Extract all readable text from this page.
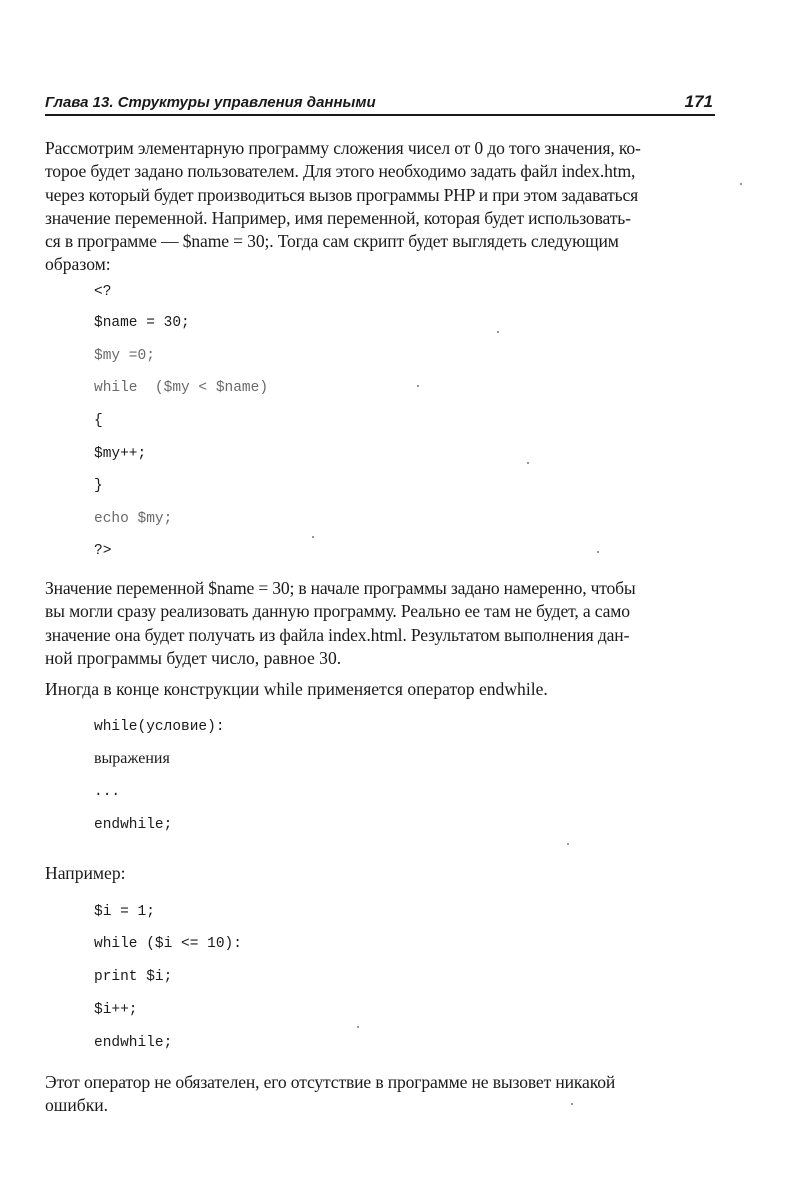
Глава 13. Структуры управления данными	171
Рассмотрим элементарную программу сложения чисел от 0 до того значения, ко-
торое будет задано пользователем. Для этого необходимо задать файл index.htm,
через который будет производиться вызов программы PHP и при этом задаваться
значение переменной. Например, имя переменной, которая будет использовать-
ся в программе — $name = 30;. Тогда сам скрипт будет выглядеть следующим
образом:
<?
$name = 30;
$my =0;
while  ($my < $name)
{
$my++;
}
echo $my;
?>
Значение переменной $name = 30; в начале программы задано намеренно, чтобы
вы могли сразу реализовать данную программу. Реально ее там не будет, а само
значение она будет получать из файла index.html. Результатом выполнения дан-
ной программы будет число, равное 30.
Иногда в конце конструкции while применяется оператор endwhile.
while(условие):
выражения
...
endwhile;
Например:
$i = 1;
while ($i <= 10):
print $i;
$i++;
endwhile;
Этот оператор не обязателен, его отсутствие в программе не вызовет никакой
ошибки.
